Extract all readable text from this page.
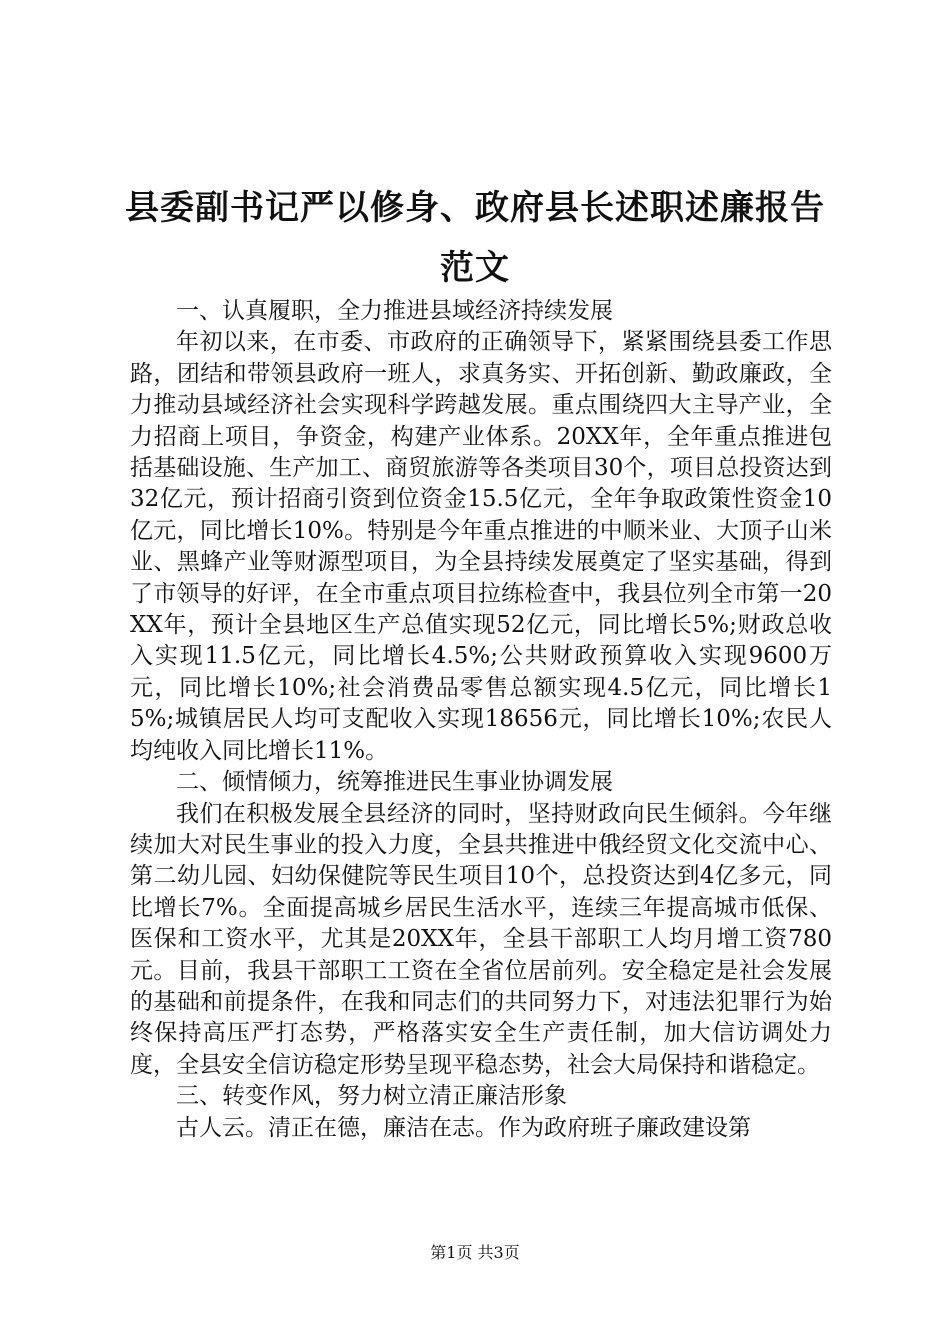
县委副书记严以修身、政府县长述职述廉报告
范文

一、认真履职，全力推进县域经济持续发展

年初以来，在市委、市政府的正确领导下，紧紧围绕县委工作思路，团结和带领县政府一班人，求真务实、开拓创新、勤政廉政，全力推动县域经济社会实现科学跨越发展。重点围绕四大主导产业，全力招商上项目，争资金，构建产业体系。20XX年，全年重点推进包括基础设施、生产加工、商贸旅游等各类项目30个，项目总投资达到32亿元，预计招商引资到位资金15.5亿元，全年争取政策性资金10亿元，同比增长10%。特别是今年重点推进的中顺米业、大顶子山米业、黑蜂产业等财源型项目，为全县持续发展奠定了坚实基础，得到了市领导的好评，在全市重点项目拉练检查中，我县位列全市第一20XX年，预计全县地区生产总值实现52亿元，同比增长5%;财政总收入实现11.5亿元，同比增长4.5%;公共财政预算收入实现9600万元，同比增长10%;社会消费品零售总额实现4.5亿元，同比增长15%;城镇居民人均可支配收入实现18656元，同比增长10%;农民人均纯收入同比增长11%。

二、倾情倾力，统筹推进民生事业协调发展

我们在积极发展全县经济的同时，坚持财政向民生倾斜。今年继续加大对民生事业的投入力度，全县共推进中俄经贸文化交流中心、第二幼儿园、妇幼保健院等民生项目10个，总投资达到4亿多元，同比增长7%。全面提高城乡居民生活水平，连续三年提高城市低保、医保和工资水平，尤其是20XX年，全县干部职工人均月增工资780元。目前，我县干部职工工资在全省位居前列。安全稳定是社会发展的基础和前提条件，在我和同志们的共同努力下，对违法犯罪行为始终保持高压严打态势，严格落实安全生产责任制，加大信访调处力度，全县安全信访稳定形势呈现平稳态势，社会大局保持和谐稳定。

三、转变作风，努力树立清正廉洁形象

古人云。清正在德，廉洁在志。作为政府班子廉政建设第

第1页 共3页
